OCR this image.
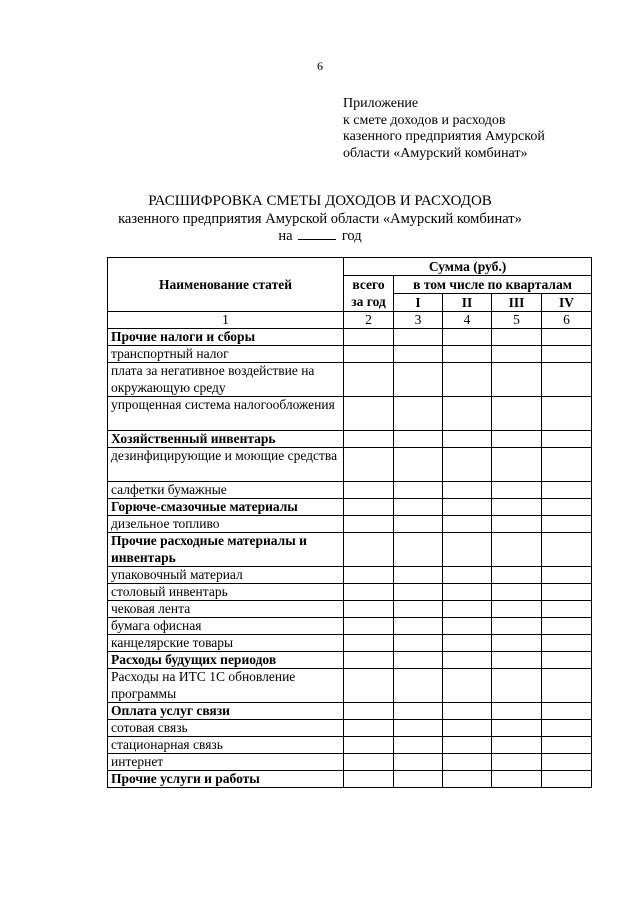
6
Приложение
к смете доходов и расходов
казенного предприятия Амурской
области «Амурский комбинат»
РАСШИФРОВКА СМЕТЫ ДОХОДОВ И РАСХОДОВ
казенного предприятия Амурской области «Амурский комбинат»
на	год
Наименование статей	Сумма (руб.)				
	всего	в том числе по кварталам			
	за год	I	II	III	IV
1	2	3	4	5	6
Прочие налоги и сборы					
транспортный налог					
плата за негативное воздействие на окружающую среду					
упрощенная система налогообложения					
Хозяйственный инвентарь					
дезинфицирующие и моющие средства					
салфетки бумажные					
Горюче-смазочные материалы					
дизельное топливо					
Прочие расходные материалы и инвентарь					
упаковочный материал					
столовый инвентарь					
чековая лента					
бумага офисная					
канцелярские товары					
Расходы будущих периодов					
Расходы на ИТС 1С обновление программы					
Оплата услуг связи					
сотовая связь					
стационарная связь					
интернет					
Прочие услуги и работы					
